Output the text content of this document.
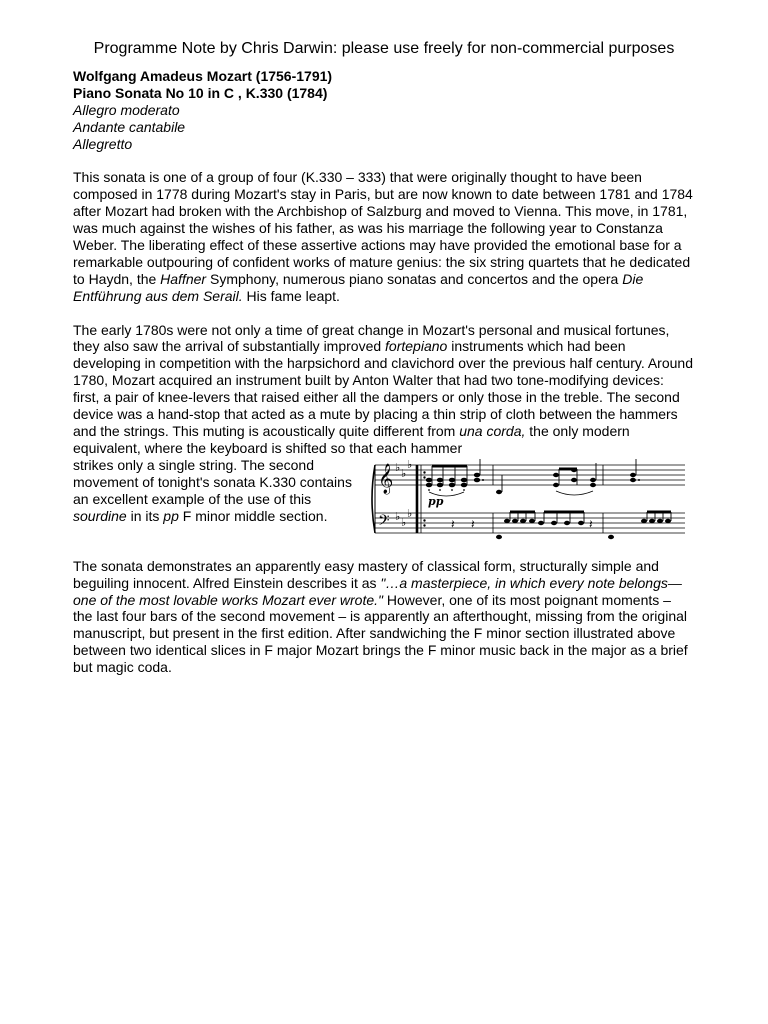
Programme Note by Chris Darwin: please use freely for non-commercial purposes
Wolfgang Amadeus Mozart (1756-1791)
Piano Sonata No 10 in C , K.330 (1784)
Allegro moderato
Andante cantabile
Allegretto

This sonata is one of a group of four (K.330 – 333) that were originally thought to have been composed in 1778 during Mozart's stay in Paris, but are now known to date between 1781 and 1784 after Mozart had broken with the Archbishop of Salzburg and moved to Vienna. This move, in 1781, was much against the wishes of his father, as was his marriage the following year to Constanza Weber. The liberating effect of these assertive actions may have provided the emotional base for a remarkable outpouring of confident works of mature genius: the six string quartets that he dedicated to Haydn, the Haffner Symphony, numerous piano sonatas and concertos and the opera Die Entführung aus dem Serail. His fame leapt.

The early 1780s were not only a time of great change in Mozart's personal and musical fortunes, they also saw the arrival of substantially improved fortepiano instruments which had been developing in competition with the harpsichord and clavichord over the previous half century. Around 1780, Mozart acquired an instrument built by Anton Walter that had two tone-modifying devices: first, a pair of knee-levers that raised either all the dampers or only those in the treble. The second device was a hand-stop that acted as a mute by placing a thin strip of cloth between the hammers and the strings. This muting is acoustically quite different from una corda, the only modern equivalent, where the keyboard is shifted so that each hammer

strikes only a single string. The second movement of tonight's sonata K.330 contains an excellent example of the use of this sourdine in its pp F minor middle section.

𝄞
𝄢
♭ ♭
♭
♭ ♭
♭
pp
𝄽 𝄽	𝄽

The sonata demonstrates an apparently easy mastery of classical form, structurally simple and beguiling innocent. Alfred Einstein describes it as "…a masterpiece, in which every note belongs—one of the most lovable works Mozart ever wrote." However, one of its most poignant moments – the last four bars of the second movement – is apparently an afterthought, missing from the original manuscript, but present in the first edition. After sandwiching the F minor section illustrated above between two identical slices in F major Mozart brings the F minor music back in the major as a brief but magic coda.
